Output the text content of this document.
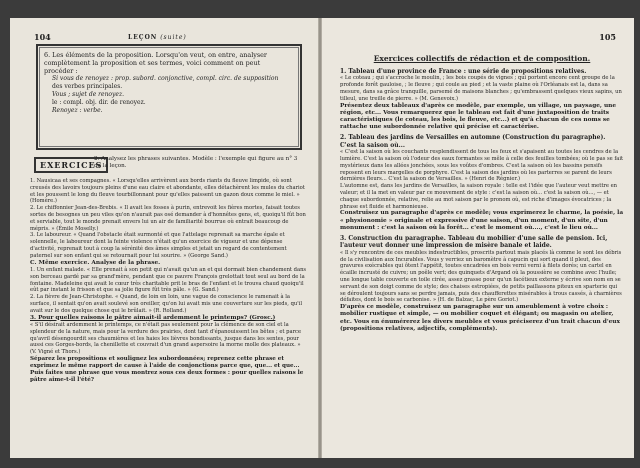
104	LEÇON (suite)

6. Les éléments de la proposition. Lorsqu'on veut, on entre, analyser

complètement la proposition et ses termes, voici comment on peut

procéder :

Si vous de renoyez : prop. subord. conjonctive, compl. circ. de supposition

des verbes principales.

Vous ; sujet de renoyez.

le : compl. obj. dir. de renoyez.

Renoyez : verbe.

EXERCICES
2. Analysez les phrases suivantes. Modèle : l'exemple qui figure au n° 3 de la leçon.

1. Nausicaa et ses compagnes. « Lorsqu'elles arrivèrent aux bords riants du fleuve limpide, où sont creusés des lavoirs toujours pleins d'une eau claire et abondante, elles détachèrent les mules du chariot et les poussent le long du fleuve tourbillonnant pour qu'elles paissent un gazon doux comme le miel. » (Homère.)

2. Le chiffonnier Jean-des-Brebis. « Il avait les fosses à purin, entrevoit les fières mortes, faisait toutes sortes de besognes un peu viles qu'on n'aurait pas osé demander à d'honnêtes gens, et, quoiqu'il fût bon et serviable, tout le monde prenait envers lui un air de familiarité bourrue où entrait beaucoup de mépris. » (Émile Moselly.)

3. Le laboureur. « Quand l'obstacle était surmonté et que l'attelage reprenait sa marche égale et solennelle, le laboureur dont la feinte violence n'était qu'un exercice de vigueur et une dépense d'activité, reprenait tout à coup la sérénité des âmes simples et jetait un regard de contentement paternel sur son enfant qui se retournait pour lui sourire. » (George Sand.)

C. Même exercice. Analyse de la phrase.

1. Un enfant malade. « Elle prenait à son petit qui n'avait qu'un an et qui dormait bien chandement dans son berceau gardé par sa grand'mère, pendant que ce pauvre François grelottait tout seul au bord de la fontaine. Madeleine qui avait le cœur très charitable prit le bras de l'enfant et le trouva chaud quoiqu'il eût par instant le frisson et que sa jolie figure fût très pâle. » (G. Sand.)

2. La fièvre de Jean-Christophe. « Quand, de loin en loin, une vague de conscience le ramenait à la surface, il sentait qu'on avait soulevé son oreiller, qu'on lui avait mis une couverture sur les pieds, qu'il avait sur le dos quelque chose qui le brûlait. » (R. Rolland.)

3. Pour quelles raisons le pâtre aimait-il ardemment le printemps? (Grosc.)

« S'il désirait ardemment le printemps, ce n'était pas seulement pour la clémence de son ciel et la splendeur de la nature, mais pour la verdure des prairies, dont tant d'épanouissent les bêtes ; et parce qu'avril désengourdit ses chaumières et les haies les lièvres bondissants, jusque dans les sentes, pour aussi ces Gorges-bords, la chenillette et couvrait d'un grand aspersoire la morne molle des plateaux. » (V. Vigné et Thors.)

Séparez les propositions et soulignez les subordonnées; reprenez cette phrase et exprimez le même rapport de cause à l'aide de conjonctions parce que, que... et que... Puis faites une phrase que vous montrez sous ces deux formes : pour quelles raisons le pâtre aime-t-il l'été?

105
Exercices collectifs de rédaction et de composition.

1. Tableau d'une province de France : une série de propositions relatives.

« Le coteau ; qui s'accroche le moulin, ; les bois coupés de vignes ; qui portent encore cent groupe de la profonde forêt gauloise, ; le fleuve ; qui coule au pied ; et la vaste plaine où l'Orléanais est la, dans sa mesure, dans sa grâce tranquille, parsemé de maisons blanches ; qu'embrassent quelques vieux sapins, un tilleul, une treille de pierre. » (M. Genevoix.)

Présentez deux tableaux d'après ce modèle, par exemple, un village, un paysage, une région, etc... Vous remarquerez que le tableau est fait d'une juxtaposition de traits caractéristiques (le coteau, les bois, le fleuve, etc...) et qu'à chacun de ces noms se rattache une subordonnée relative qui précise et caractérise.

2. Tableau des jardins de Versailles en automne (Construction du paragraphe). C'est la saison où...

« C'est la saison où les couchants resplendissent de tous les feux et s'apaisent au toutes les cendres de la lumière. C'est la saison où l'odeur des eaux formantes se mêle à celle des feuilles tombées; où le pas se fait mystérieux dans les allées jonchées, sous les voûtes d'ombres. C'est la saison où les bassins pensifs reposent en leurs margelles de porphyre. C'est la saison des jardins où les parterres se parent de leurs dernières fleurs... C'est la saison de Versailles. » (Henri de Régnier.)

L'automne est, dans les jardins de Versailles, la saison royale : telle est l'idée que l'auteur veut mettre en valeur; et il la met en valeur par ce mouvement de style : c'est la saison où... c'est la saison où..., — et chaque subordonnée, relative, relie au mot saison par le pronom où, est riche d'images évocatrices ; la phrase est fluide et harmonieuse.

Construisez un paragraphe d'après ce modèle; vous exprimerez le charme, la poésie, la « physionomie » originale et expressive d'une saison, d'un moment, d'un site, d'un monument : c'est la saison où la forêt... c'est le moment où...., c'est le lieu où...

3. Construction du paragraphe. Tableau du mobilier d'une salle de pension. Ici, l'auteur veut donner une impression de misère banale et laide.

« Il s'y rencontre de ces meubles indestructibles, proscrits partout mais placés là comme le sont les débris de la civilisation aux Incurables. Vous y verriez un baromètre à capucin qui sort quand il pleut, des gravures exécrables qui ôtent l'appétit, toutes encadrées en bois verni verni à filets dorés; un cartel en écaille incrusté de cuivre; un poêle vert; des quinquets d'Argand où la poussière se combine avec l'huile; une longue table couverte en toile cirée, assez grasse pour qu'un facétieux externe y écrive son nom en se servant de son doigt comme de style; des chaises estropiées, de petits paillassons piteux en sparterie qui se déroulent toujours sans se perdre jamais, puis des chaufferettes misérables à trous cassés, à charnières défaites, dont le bois se carbonise. » (H. de Balzac, Le père Goriot.)

D'après ce modèle, construisez un paragraphe sur un ameublement à votre choix : mobilier rustique et simple, — ou mobilier coquet et élégant; ou magasin ou atelier, etc. Vous en énumérerez les divers meubles et vous préciserez d'un trait chacun d'eux (propositions relatives, adjectifs, compléments).
